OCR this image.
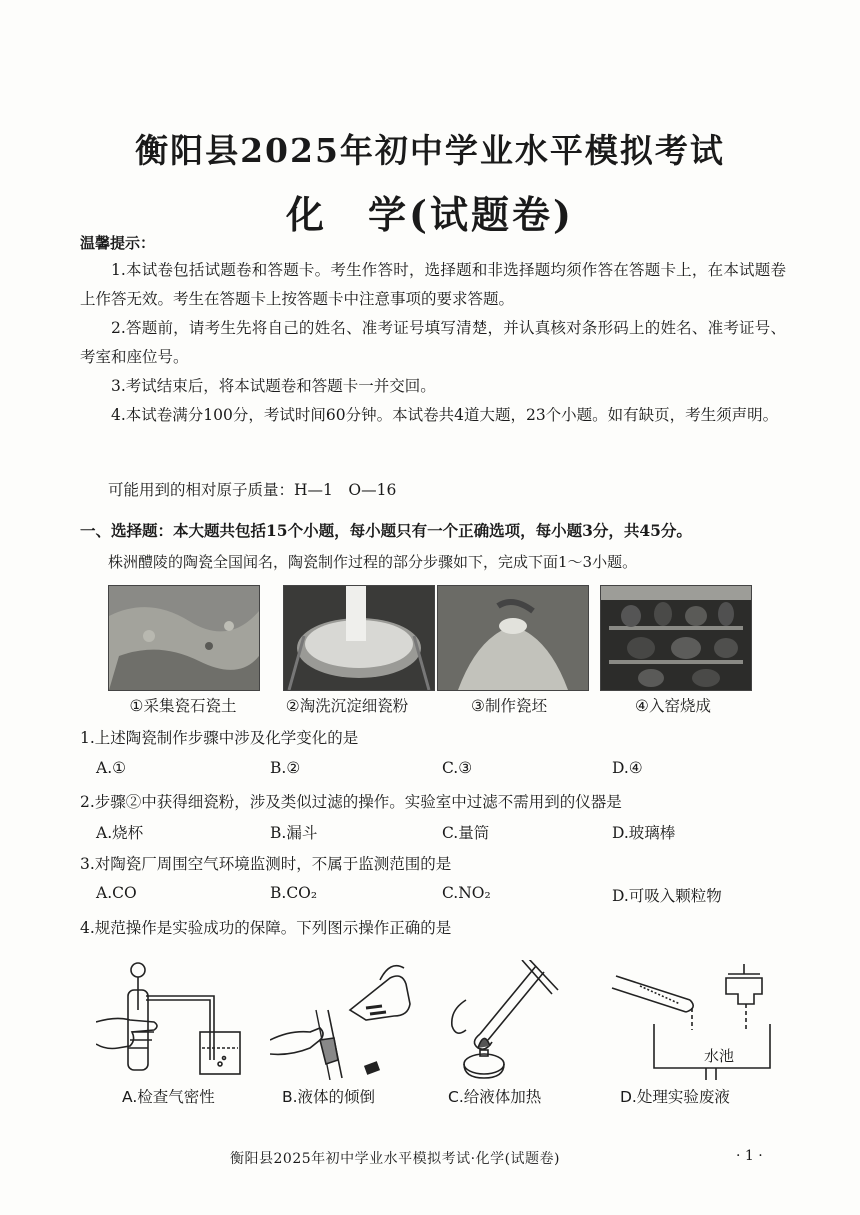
衡阳县2025年初中学业水平模拟考试
化　学(试题卷)
温馨提示：
1.本试卷包括试题卷和答题卡。考生作答时，选择题和非选择题均须作答在答题卡上，在本试题卷上作答无效。考生在答题卡上按答题卡中注意事项的要求答题。
2.答题前，请考生先将自己的姓名、准考证号填写清楚，并认真核对条形码上的姓名、准考证号、考室和座位号。
3.考试结束后，将本试题卷和答题卡一并交回。
4.本试卷满分100分，考试时间60分钟。本试卷共4道大题，23个小题。如有缺页，考生须声明。
可能用到的相对原子质量：H—1　O—16
一、选择题：本大题共包括15个小题，每小题只有一个正确选项，每小题3分，共45分。
株洲醴陵的陶瓷全国闻名，陶瓷制作过程的部分步骤如下，完成下面1～3小题。
①采集瓷石瓷土	②淘洗沉淀细瓷粉	③制作瓷坯	④入窑烧成
1.上述陶瓷制作步骤中涉及化学变化的是
A.①	B.②	C.③	D.④
2.步骤②中获得细瓷粉，涉及类似过滤的操作。实验室中过滤不需用到的仪器是
A.烧杯	B.漏斗	C.量筒	D.玻璃棒
3.对陶瓷厂周围空气环境监测时，不属于监测范围的是
A.CO	B.CO₂	C.NO₂	D.可吸入颗粒物
4.规范操作是实验成功的保障。下列图示操作正确的是
A.检查气密性	B.液体的倾倒	C.给液体加热
水池
D.处理实验废液
衡阳县2025年初中学业水平模拟考试·化学(试题卷)	· 1 ·
